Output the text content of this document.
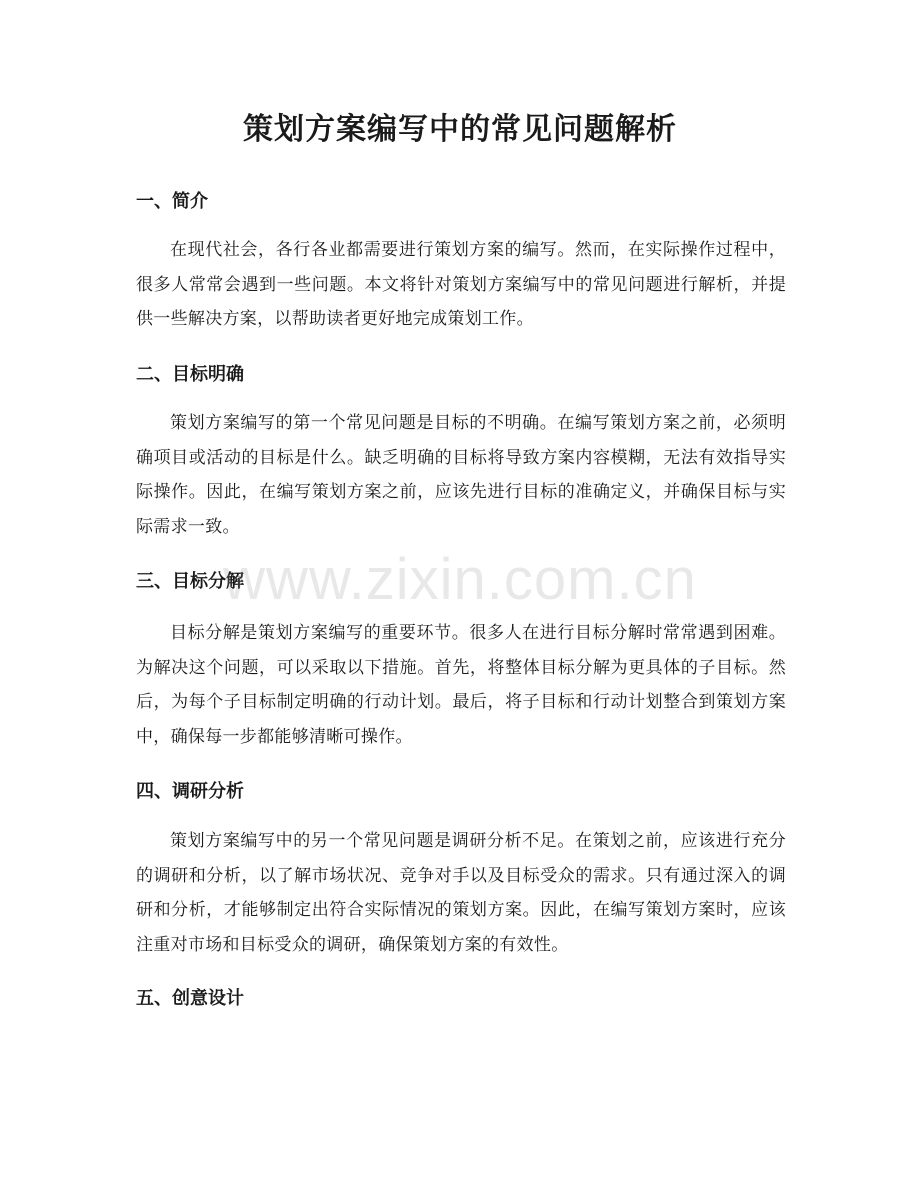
策划方案编写中的常见问题解析
一、简介

在现代社会，各行各业都需要进行策划方案的编写。然而，在实际操作过程中，很多人常常会遇到一些问题。本文将针对策划方案编写中的常见问题进行解析，并提供一些解决方案，以帮助读者更好地完成策划工作。

二、目标明确

策划方案编写的第一个常见问题是目标的不明确。在编写策划方案之前，必须明确项目或活动的目标是什么。缺乏明确的目标将导致方案内容模糊，无法有效指导实际操作。因此，在编写策划方案之前，应该先进行目标的准确定义，并确保目标与实际需求一致。

三、目标分解

目标分解是策划方案编写的重要环节。很多人在进行目标分解时常常遇到困难。为解决这个问题，可以采取以下措施。首先，将整体目标分解为更具体的子目标。然后，为每个子目标制定明确的行动计划。最后，将子目标和行动计划整合到策划方案中，确保每一步都能够清晰可操作。

四、调研分析

策划方案编写中的另一个常见问题是调研分析不足。在策划之前，应该进行充分的调研和分析，以了解市场状况、竞争对手以及目标受众的需求。只有通过深入的调研和分析，才能够制定出符合实际情况的策划方案。因此，在编写策划方案时，应该注重对市场和目标受众的调研，确保策划方案的有效性。

五、创意设计
www.zixin.com.cn
